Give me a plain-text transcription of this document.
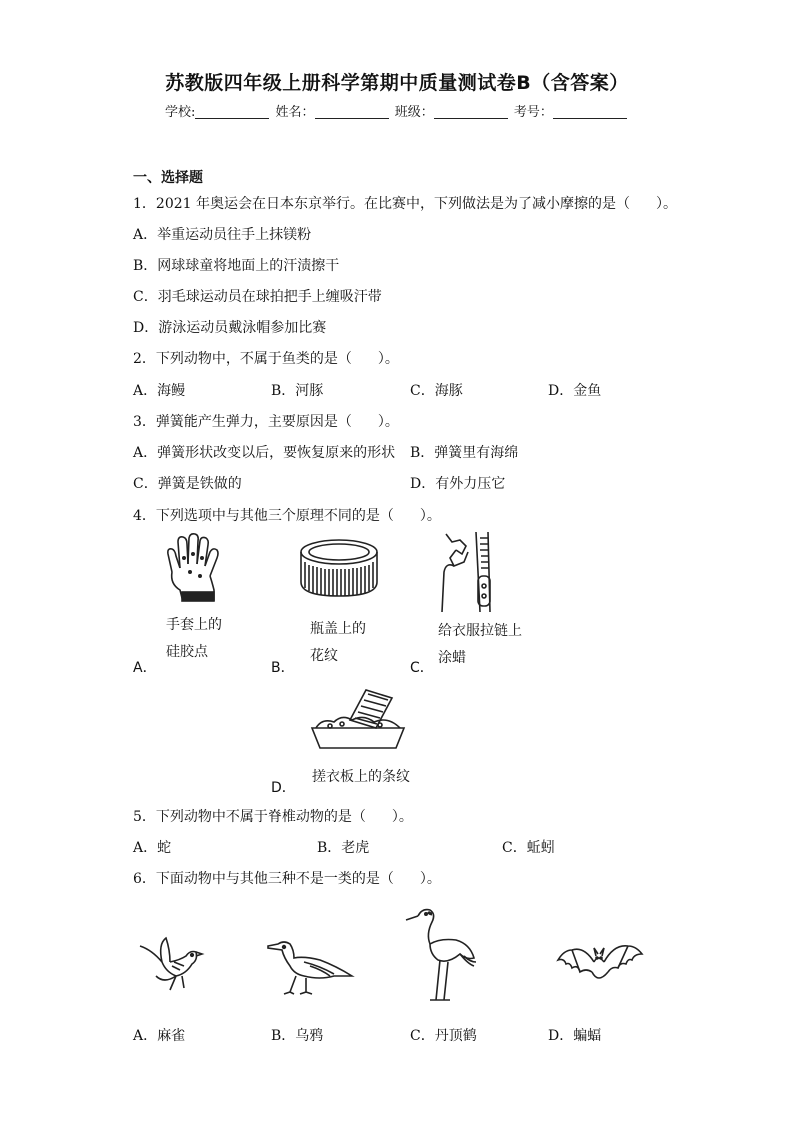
苏教版四年级上册科学第期中质量测试卷B（含答案）
学校:	姓名：	班级：	考号：
一、选择题
1．2021 年奥运会在日本东京举行。在比赛中，下列做法是为了减小摩擦的是（ ）。
A．举重运动员往手上抹镁粉
B．网球球童将地面上的汗渍擦干
C．羽毛球运动员在球拍把手上缠吸汗带
D．游泳运动员戴泳帽参加比赛
2．下列动物中，不属于鱼类的是（ ）。
A．海鳗	B．河豚	C．海豚	D．金鱼
3．弹簧能产生弹力，主要原因是（ ）。
A．弹簧形状改变以后，要恢复原来的形状 B．弹簧里有海绵
C．弹簧是铁做的	D．有外力压它
4．下列选项中与其他三个原理不同的是（ ）。
手套上的
硅胶点
A．
瓶盖上的
花纹
B．
给衣服拉链上
涂蜡
C．
搓衣板上的条纹
D．
5．下列动物中不属于脊椎动物的是（ ）。
A．蛇	B．老虎	C．蚯蚓
6．下面动物中与其他三种不是一类的是（ ）。
A．麻雀	B．乌鸦	C．丹顶鹤	D．蝙蝠
